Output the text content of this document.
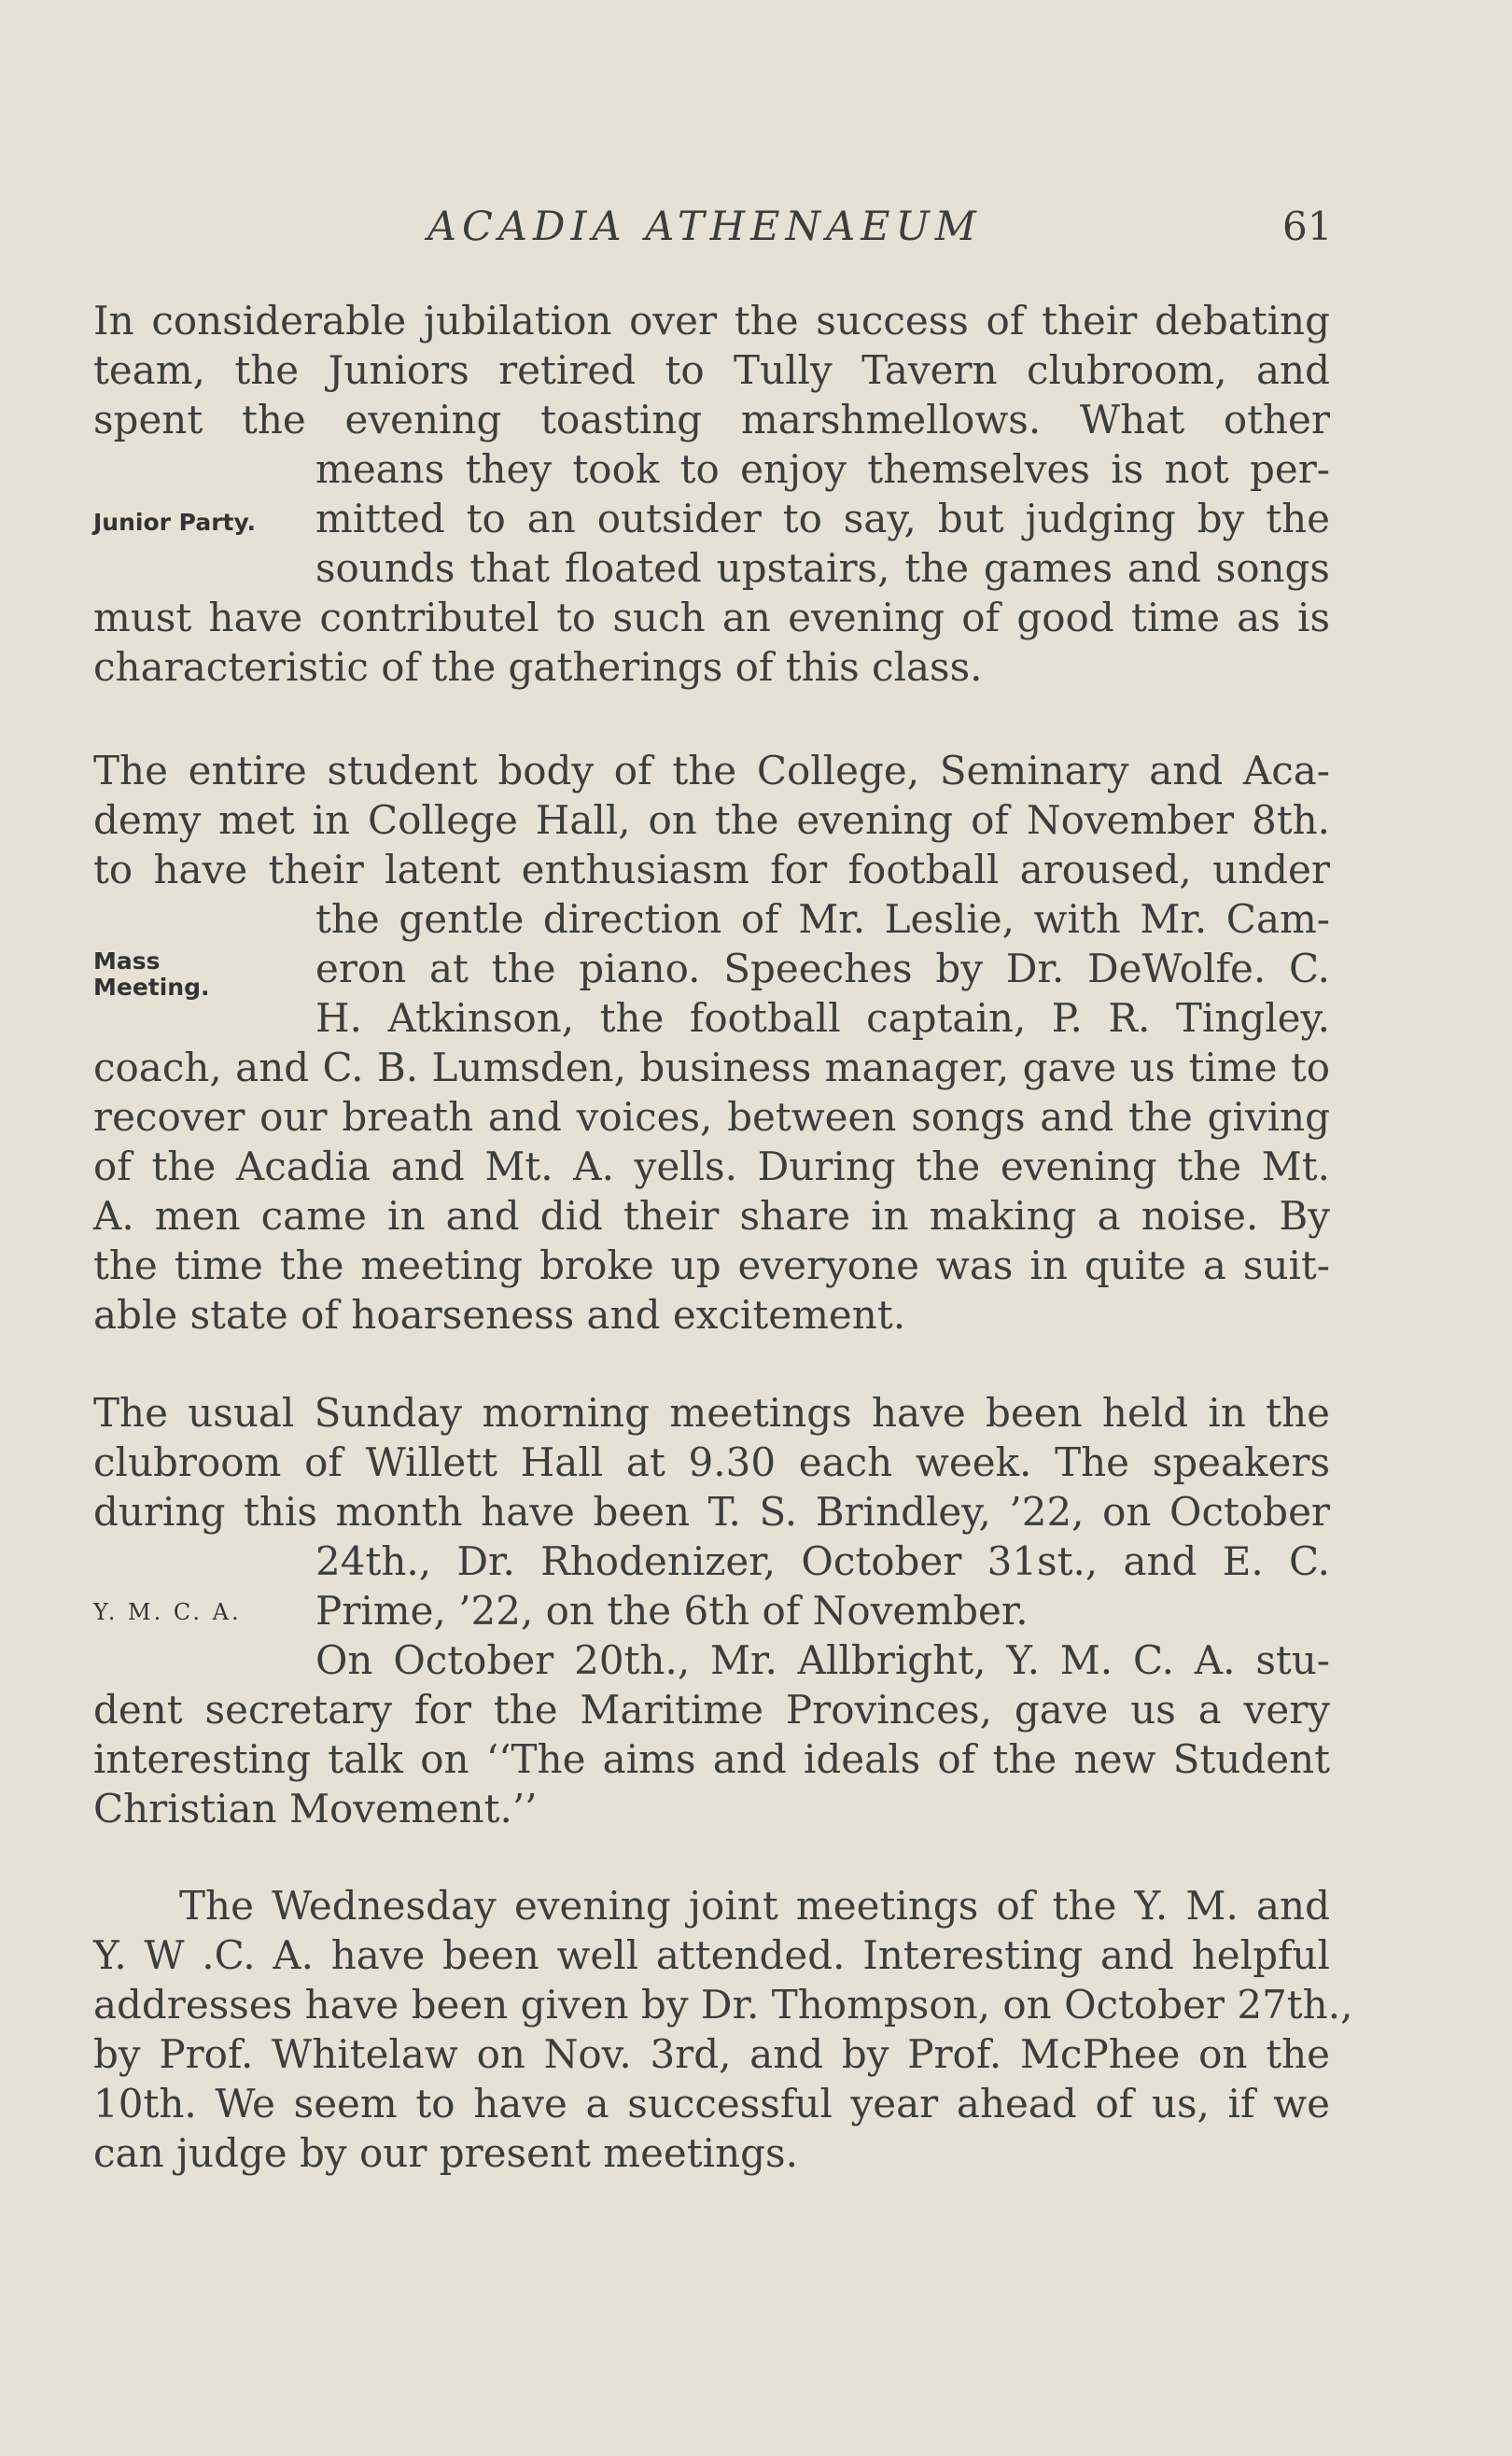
ACADIA ATHENAEUM	61
In considerable jubilation over the success of their debating
team, the Juniors retired to Tully Tavern clubroom, and
spent the evening toasting marshmellows. What other
means they took to enjoy themselves is not per-
mitted to an outsider to say, but judging by the
sounds that floated upstairs, the games and songs
must have contributel to such an evening of good time as is
characteristic of the gatherings of this class.
Junior Party.
The entire student body of the College, Seminary and Aca-
demy met in College Hall, on the evening of November 8th.
to have their latent enthusiasm for football aroused, under
the gentle direction of Mr. Leslie, with Mr. Cam-
eron at the piano. Speeches by Dr. DeWolfe. C.
H. Atkinson, the football captain, P. R. Tingley.
coach, and C. B. Lumsden, business manager, gave us time to
recover our breath and voices, between songs and the giving
of the Acadia and Mt. A. yells. During the evening the Mt.
A. men came in and did their share in making a noise. By
the time the meeting broke up everyone was in quite a suit-
able state of hoarseness and excitement.
Mass
Meeting.
The usual Sunday morning meetings have been held in the
clubroom of Willett Hall at 9.30 each week. The speakers
during this month have been T. S. Brindley, ’22, on October
24th., Dr. Rhodenizer, October 31st., and E. C.
Prime, ’22, on the 6th of November.
On October 20th., Mr. Allbright, Y. M. C. A. stu-
dent secretary for the Maritime Provinces, gave us a very
interesting talk on ‘‘The aims and ideals of the new Student
Christian Movement.’’
Y. M. C. A.
The Wednesday evening joint meetings of the Y. M. and
Y. W .C. A. have been well attended. Interesting and helpful
addresses have been given by Dr. Thompson, on October 27th.,
by Prof. Whitelaw on Nov. 3rd, and by Prof. McPhee on the
10th. We seem to have a successful year ahead of us, if we
can judge by our present meetings.
